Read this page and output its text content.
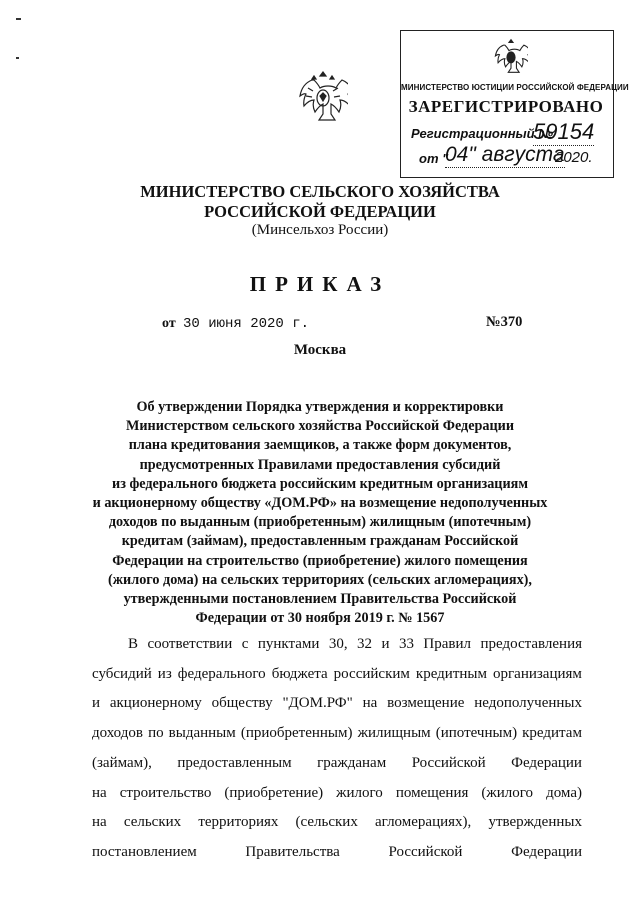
МИНИСТЕРСТВО ЮСТИЦИИ РОССИЙСКОЙ ФЕДЕРАЦИИ
ЗАРЕГИСТРИРОВАНО
Регистрационный №
59154
от "
04" августа
2020.
МИНИСТЕРСТВО СЕЛЬСКОГО ХОЗЯЙСТВА
РОССИЙСКОЙ ФЕДЕРАЦИИ
(Минсельхоз России)
ПРИКАЗ
от 30 июня 2020 г.	№370
Москва
Об утверждении Порядка утверждения и корректировки
Министерством сельского хозяйства Российской Федерации
плана кредитования заемщиков, а также форм документов,
предусмотренных Правилами предоставления субсидий
из федерального бюджета российским кредитным организациям
и акционерному обществу «ДОМ.РФ» на возмещение недополученных
доходов по выданным (приобретенным) жилищным (ипотечным)
кредитам (займам), предоставленным гражданам Российской
Федерации на строительство (приобретение) жилого помещения
(жилого дома) на сельских территориях (сельских агломерациях),
утвержденными постановлением Правительства Российской
Федерации от 30 ноября 2019 г. № 1567
В соответствии с пунктами 30, 32 и 33 Правил предоставления
субсидий из федерального бюджета российским кредитным организациям
и акционерному обществу "ДОМ.РФ" на возмещение недополученных
доходов по выданным (приобретенным) жилищным (ипотечным) кредитам
(займам), предоставленным гражданам Российской Федерации
на строительство (приобретение) жилого помещения (жилого дома)
на сельских территориях (сельских агломерациях), утвержденных
постановлением	Правительства	Российской	Федерации
